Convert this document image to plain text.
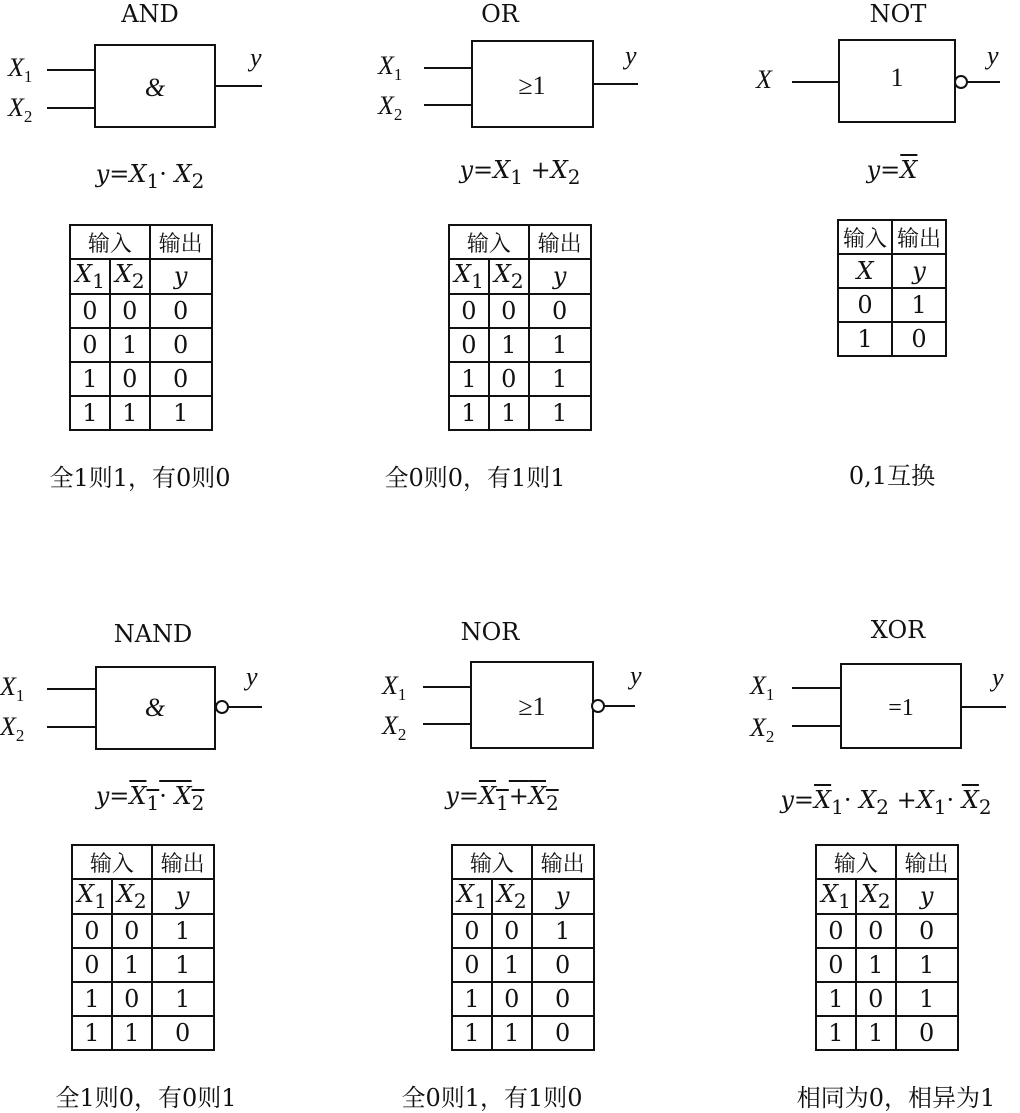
AND
$X_1$
$X_2$
&
y
$y=X_1\cdot X_2$
输入		输出
$X_1$	$X_2$	y
0	0	0
0	1	0
1	0	0
1	1	1
全1则1，有0则0
OR
$X_1$
$X_2$
≥1
y
$y=X_1 +X_2$
输入		输出
$X_1$	$X_2$	y
0	0	0
0	1	1
1	0	1
1	1	1
全0则0，有1则1
NOT
X	1
y
$y=\overline{X}$
输入	输出
X	y
0	1
1	0
0,1互换
NAND
$X_1$
$X_2$
&
y
$y=X_1\cdot X_2$
输入		输出
$X_1$	$X_2$	y
0	0	1
0	1	1
1	0	1
1	1	0
全1则0，有0则1
NOR
$X_1$
$X_2$
≥1
y
$y=X_1+X_2$
输入		输出
$X_1$	$X_2$	y
0	0	1
0	1	0
1	0	0
1	1	0
全0则1，有1则0
XOR
$X_1$
$X_2$
=1
y
$y=\overline{X}_1\cdot X_2 +X_1\cdot \overline{X}_2$
输入		输出
$X_1$	$X_2$	y
0	0	0
0	1	1
1	0	1
1	1	0
相同为0，相异为1
